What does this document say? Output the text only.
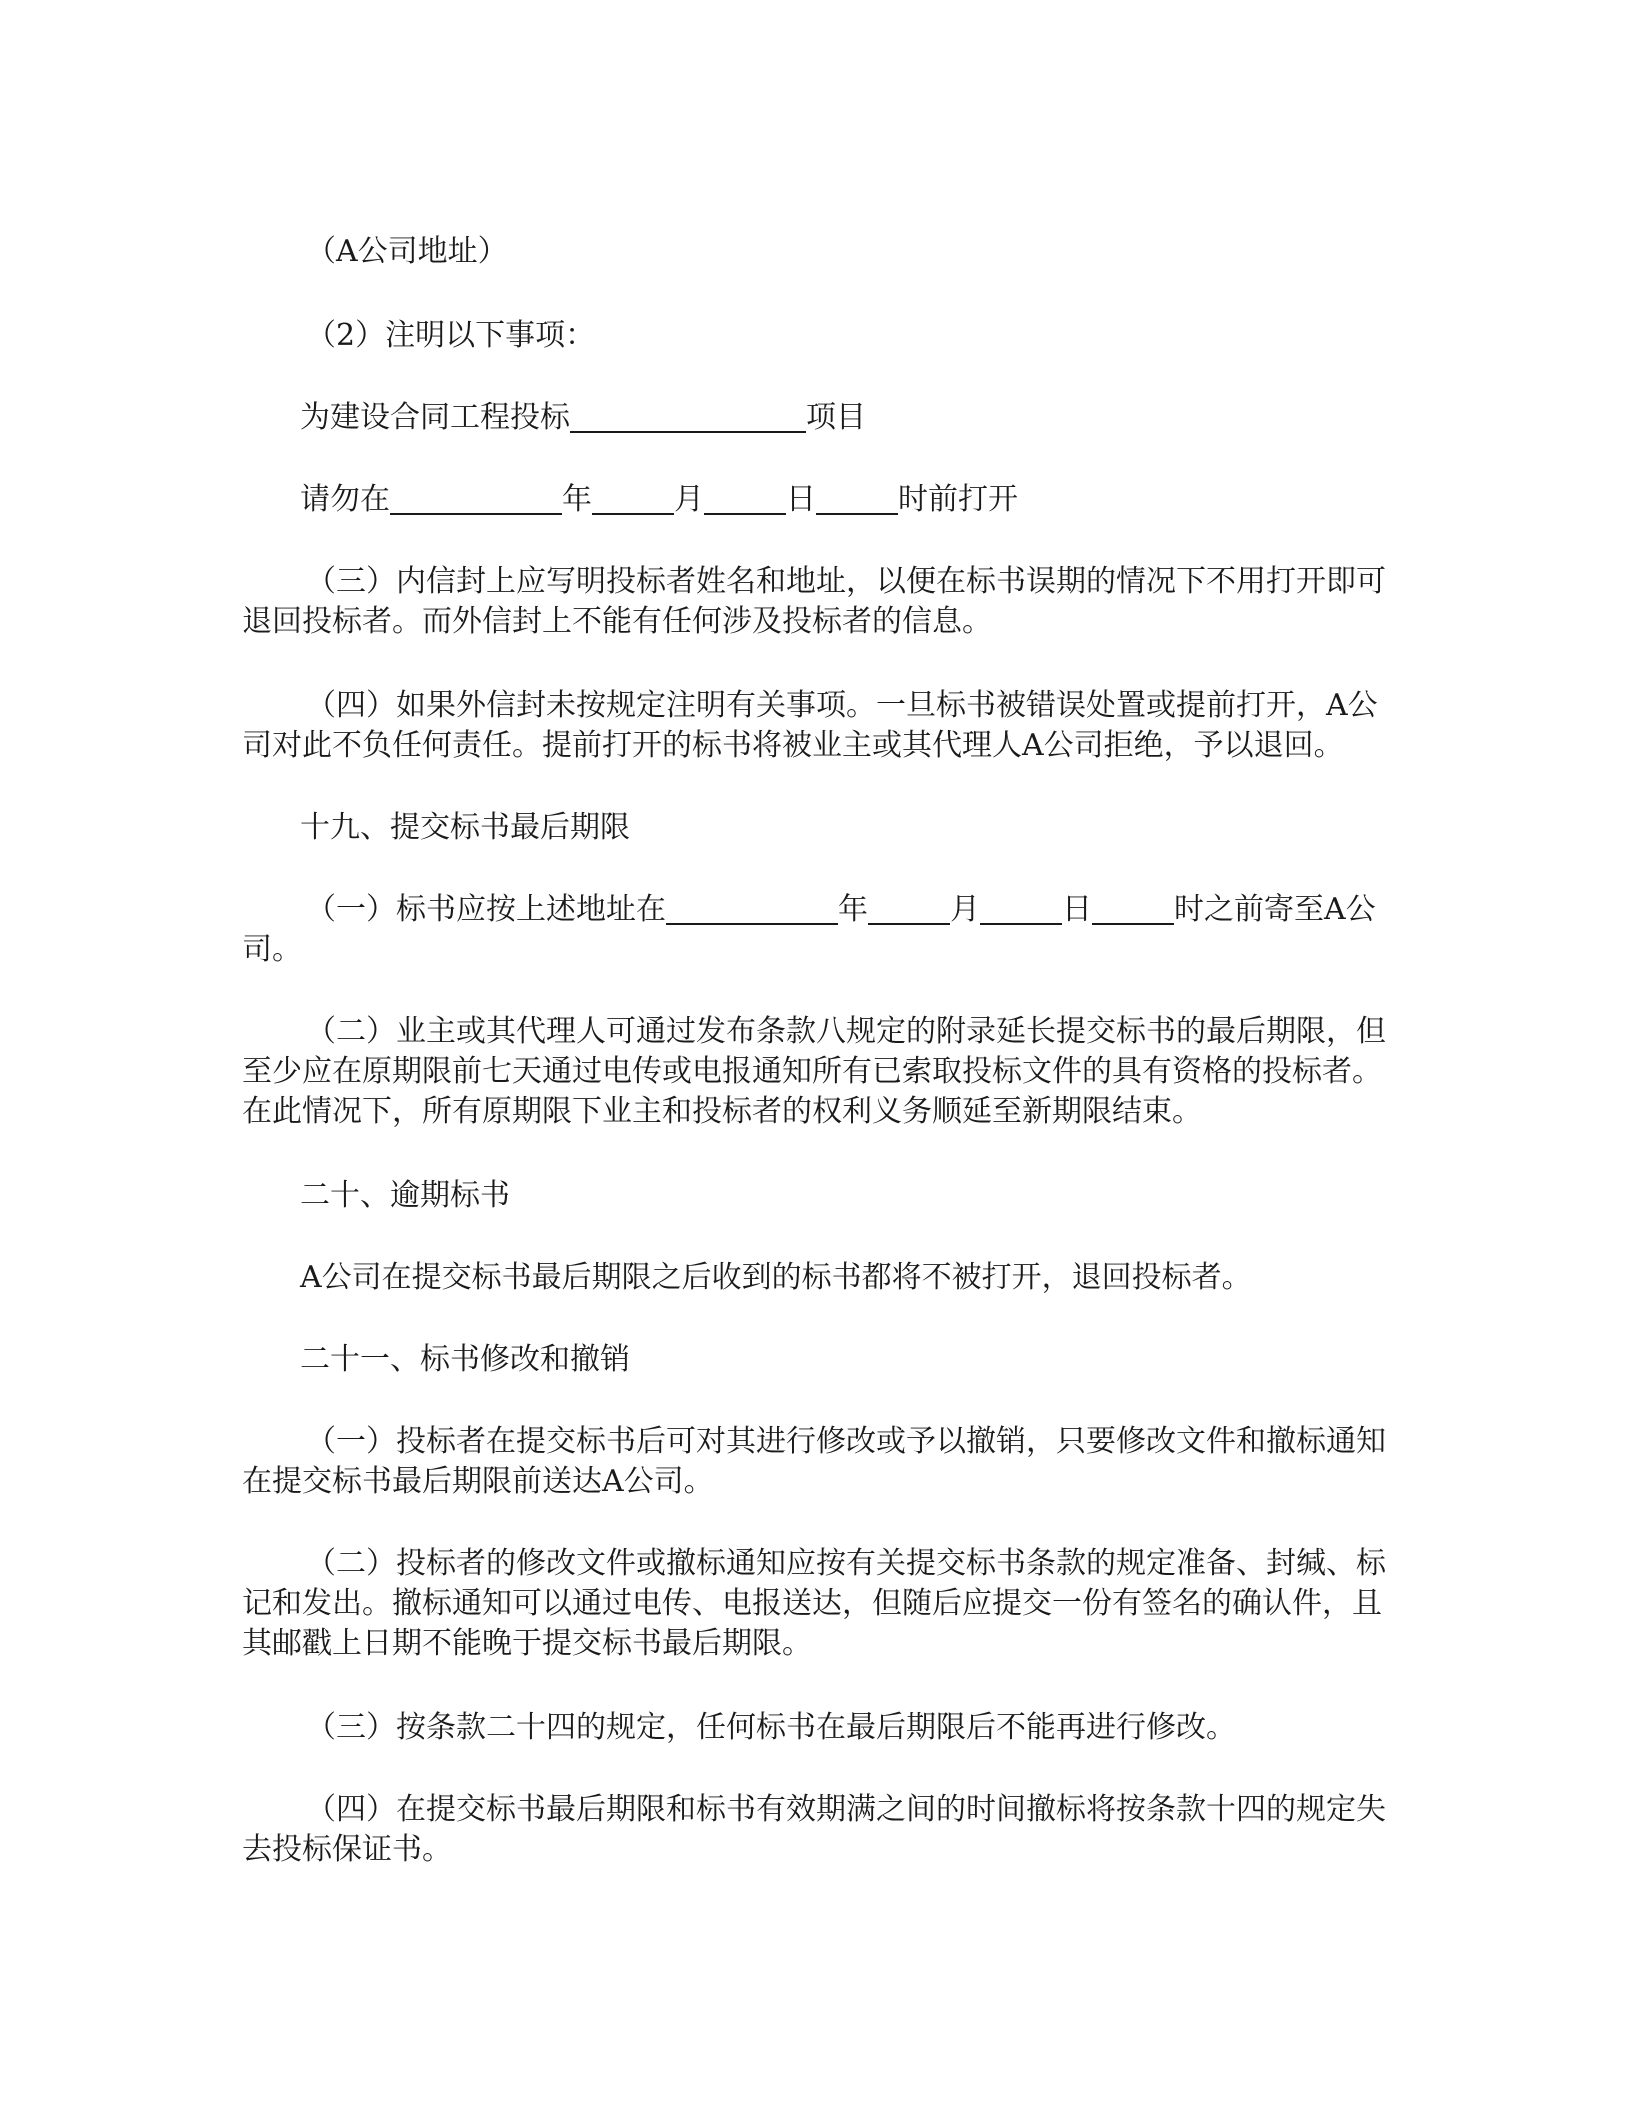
（A公司地址）

（2）注明以下事项：

为建设合同工程投标	项目

请勿在	年	月	日	时前打开

（三）内信封上应写明投标者姓名和地址，以便在标书误期的情况下不用打开即可退回投标者。而外信封上不能有任何涉及投标者的信息。

（四）如果外信封未按规定注明有关事项。一旦标书被错误处置或提前打开，A公司对此不负任何责任。提前打开的标书将被业主或其代理人A公司拒绝，予以退回。

十九、提交标书最后期限

（一）标书应按上述地址在	年	月	日	时之前寄至A公司。

（二）业主或其代理人可通过发布条款八规定的附录延长提交标书的最后期限，但至少应在原期限前七天通过电传或电报通知所有已索取投标文件的具有资格的投标者。在此情况下，所有原期限下业主和投标者的权利义务顺延至新期限结束。

二十、逾期标书

A公司在提交标书最后期限之后收到的标书都将不被打开，退回投标者。

二十一、标书修改和撤销

（一）投标者在提交标书后可对其进行修改或予以撤销，只要修改文件和撤标通知在提交标书最后期限前送达A公司。

（二）投标者的修改文件或撤标通知应按有关提交标书条款的规定准备、封缄、标记和发出。撤标通知可以通过电传、电报送达，但随后应提交一份有签名的确认件，且其邮戳上日期不能晚于提交标书最后期限。

（三）按条款二十四的规定，任何标书在最后期限后不能再进行修改。

（四）在提交标书最后期限和标书有效期满之间的时间撤标将按条款十四的规定失去投标保证书。
